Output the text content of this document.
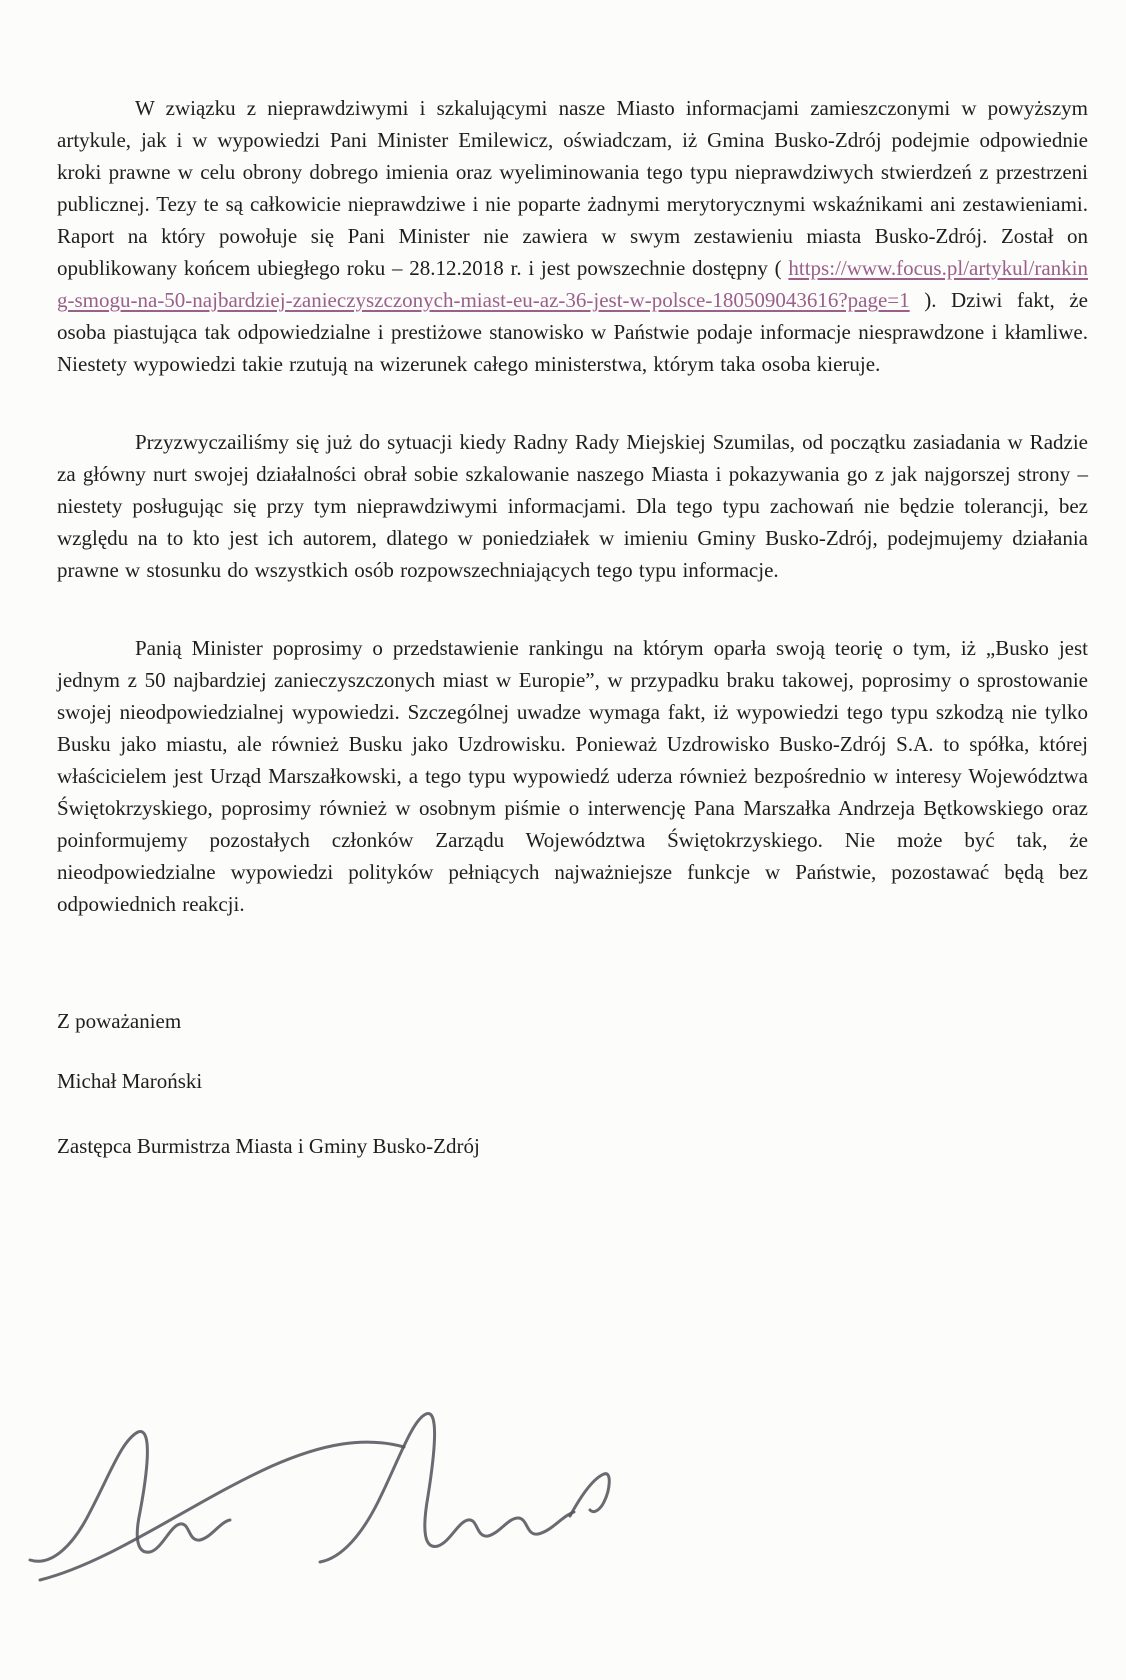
W związku z nieprawdziwymi i szkalującymi nasze Miasto informacjami zamieszczonymi w powyższym artykule, jak i w wypowiedzi Pani Minister Emilewicz, oświadczam, iż Gmina Busko-Zdrój podejmie odpowiednie kroki prawne w celu obrony dobrego imienia oraz wyeliminowania tego typu nieprawdziwych stwierdzeń z przestrzeni publicznej. Tezy te są całkowicie nieprawdziwe i nie poparte żadnymi merytorycznymi wskaźnikami ani zestawieniami. Raport na który powołuje się Pani Minister nie zawiera w swym zestawieniu miasta Busko-Zdrój. Został on opublikowany końcem ubiegłego roku – 28.12.2018 r. i jest powszechnie dostępny ( https://www.focus.pl/artykul/ranking-smogu-na-50-najbardziej-zanieczyszczonych-miast-eu-az-36-jest-w-polsce-180509043616?page=1 ). Dziwi fakt, że osoba piastująca tak odpowiedzialne i prestiżowe stanowisko w Państwie podaje informacje niesprawdzone i kłamliwe. Niestety wypowiedzi takie rzutują na wizerunek całego ministerstwa, którym taka osoba kieruje.

Przyzwyczailiśmy się już do sytuacji kiedy Radny Rady Miejskiej Szumilas, od początku zasiadania w Radzie za główny nurt swojej działalności obrał sobie szkalowanie naszego Miasta i pokazywania go z jak najgorszej strony – niestety posługując się przy tym nieprawdziwymi informacjami. Dla tego typu zachowań nie będzie tolerancji, bez względu na to kto jest ich autorem, dlatego w poniedziałek w imieniu Gminy Busko-Zdrój, podejmujemy działania prawne w stosunku do wszystkich osób rozpowszechniających tego typu informacje.

Panią Minister poprosimy o przedstawienie rankingu na którym oparła swoją teorię o tym, iż „Busko jest jednym z 50 najbardziej zanieczyszczonych miast w Europie”, w przypadku braku takowej, poprosimy o sprostowanie swojej nieodpowiedzialnej wypowiedzi. Szczególnej uwadze wymaga fakt, iż wypowiedzi tego typu szkodzą nie tylko Busku jako miastu, ale również Busku jako Uzdrowisku. Ponieważ Uzdrowisko Busko-Zdrój S.A. to spółka, której właścicielem jest Urząd Marszałkowski, a tego typu wypowiedź uderza również bezpośrednio w interesy Województwa Świętokrzyskiego, poprosimy również w osobnym piśmie o interwencję Pana Marszałka Andrzeja Bętkowskiego oraz poinformujemy pozostałych członków Zarządu Województwa Świętokrzyskiego. Nie może być tak, że nieodpowiedzialne wypowiedzi polityków pełniących najważniejsze funkcje w Państwie, pozostawać będą bez odpowiednich reakcji.

Z poważaniem

Michał Maroński

Zastępca Burmistrza Miasta i Gminy Busko-Zdrój
